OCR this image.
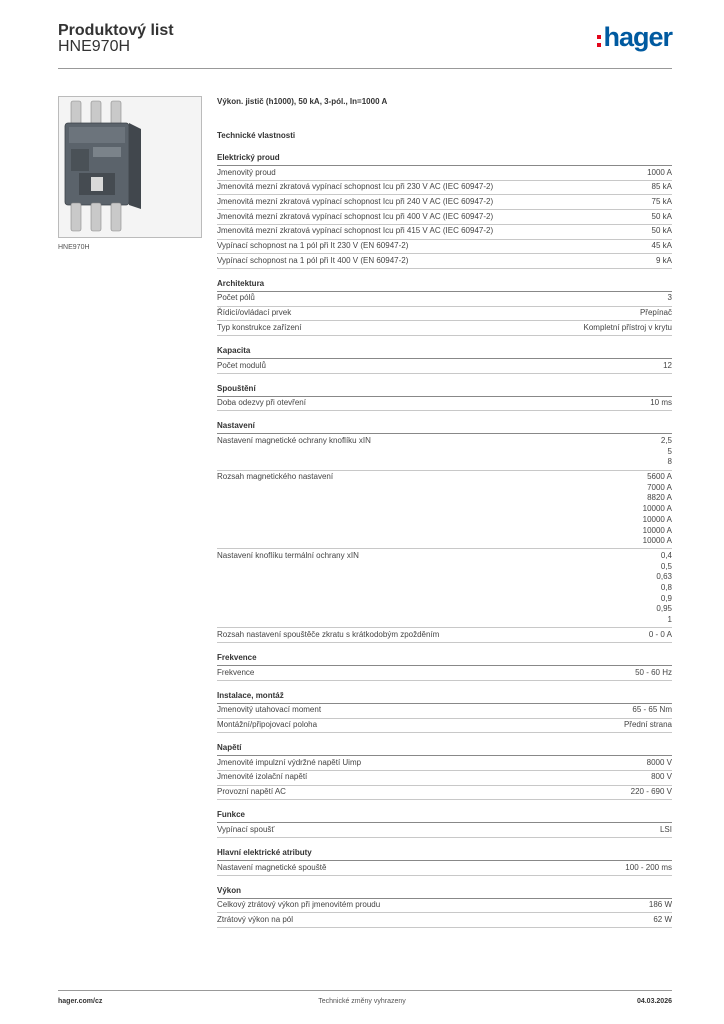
Produktový list
HNE970H	hager
HNE970H
Výkon. jistič (h1000), 50 kA, 3-pól., In=1000 A
Technické vlastnosti
Elektrický proud
Jmenovitý proud	1000 A
Jmenovitá mezní zkratová vypínací schopnost Icu při 230 V AC (IEC 60947-2)	85 kA
Jmenovitá mezní zkratová vypínací schopnost Icu při 240 V AC (IEC 60947-2)	75 kA
Jmenovitá mezní zkratová vypínací schopnost Icu při 400 V AC (IEC 60947-2)	50 kA
Jmenovitá mezní zkratová vypínací schopnost Icu při 415 V AC (IEC 60947-2)	50 kA
Vypínací schopnost na 1 pól při It 230 V (EN 60947-2)	45 kA
Vypínací schopnost na 1 pól při It 400 V (EN 60947-2)	9 kA
Architektura
Počet pólů	3
Řídicí/ovládací prvek	Přepínač
Typ konstrukce zařízení	Kompletní přístroj v krytu
Kapacita
Počet modulů	12
Spouštění
Doba odezvy při otevření	10 ms
Nastavení
Nastavení magnetické ochrany knoflíku xIN	2,5
5
8
Rozsah magnetického nastavení	5600 A
7000 A
8820 A
10000 A
10000 A
10000 A
10000 A
Nastavení knoflíku termální ochrany xIN	0,4
0,5
0,63
0,8
0,9
0,95
1
Rozsah nastavení spouštěče zkratu s krátkodobým zpožděním	0 - 0 A
Frekvence
Frekvence	50 - 60 Hz
Instalace, montáž
Jmenovitý utahovací moment	65 - 65 Nm
Montážní/připojovací poloha	Přední strana
Napětí
Jmenovité impulzní výdržné napětí Uimp	8000 V
Jmenovité izolační napětí	800 V
Provozní napětí AC	220 - 690 V
Funkce
Vypínací spoušť	LSI
Hlavní elektrické atributy
Nastavení magnetické spouště	100 - 200 ms
Výkon
Celkový ztrátový výkon při jmenovitém proudu	186 W
Ztrátový výkon na pól	62 W
hager.com/cz	Technické změny vyhrazeny	04.03.2026
